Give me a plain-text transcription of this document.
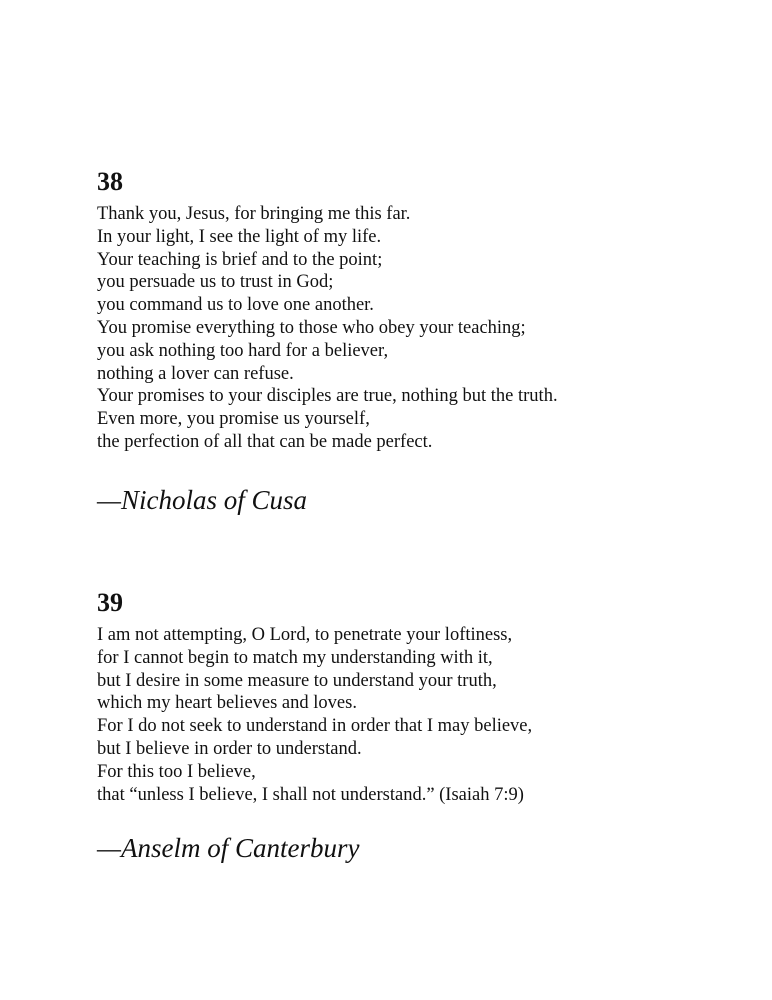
38
Thank you, Jesus, for bringing me this far.
In your light, I see the light of my life.
Your teaching is brief and to the point;
you persuade us to trust in God;
you command us to love one another.
You promise everything to those who obey your teaching;
you ask nothing too hard for a believer,
nothing a lover can refuse.
Your promises to your disciples are true, nothing but the truth.
Even more, you promise us yourself,
the perfection of all that can be made perfect.
—Nicholas of Cusa
39
I am not attempting, O Lord, to penetrate your loftiness,
for I cannot begin to match my understanding with it,
but I desire in some measure to understand your truth,
which my heart believes and loves.
For I do not seek to understand in order that I may believe,
but I believe in order to understand.
For this too I believe,
that “unless I believe, I shall not understand.” (Isaiah 7:9)
—Anselm of Canterbury
